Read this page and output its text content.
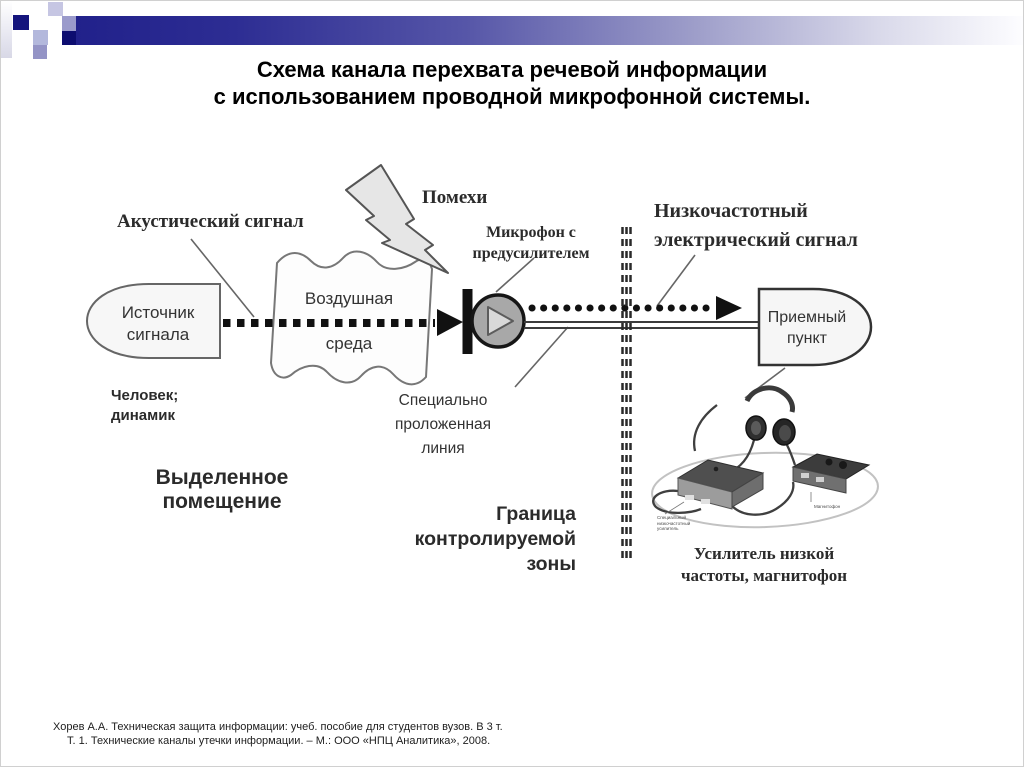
Схема канала перехвата речевой информации
с использованием проводной микрофонной системы.
Акустический сигнал
Помехи
Микрофон с
предусилителем
Низкочастотный
электрический сигнал
Источник
сигнала
Воздушная
среда
Человек;
динамик
Выделенное
помещение
Специально
проложенная
линия
Граница
контролируемой
зоны
Приемный
пункт
Усилитель низкой
частоты, магнитофон
Специальный
низкочастотный
усилитель
Магнитофон
Хорев А.А. Техническая защита информации: учеб. пособие для студентов вузов. В 3 т.
Т. 1. Технические каналы утечки информации. – М.: ООО «НПЦ Аналитика», 2008.
